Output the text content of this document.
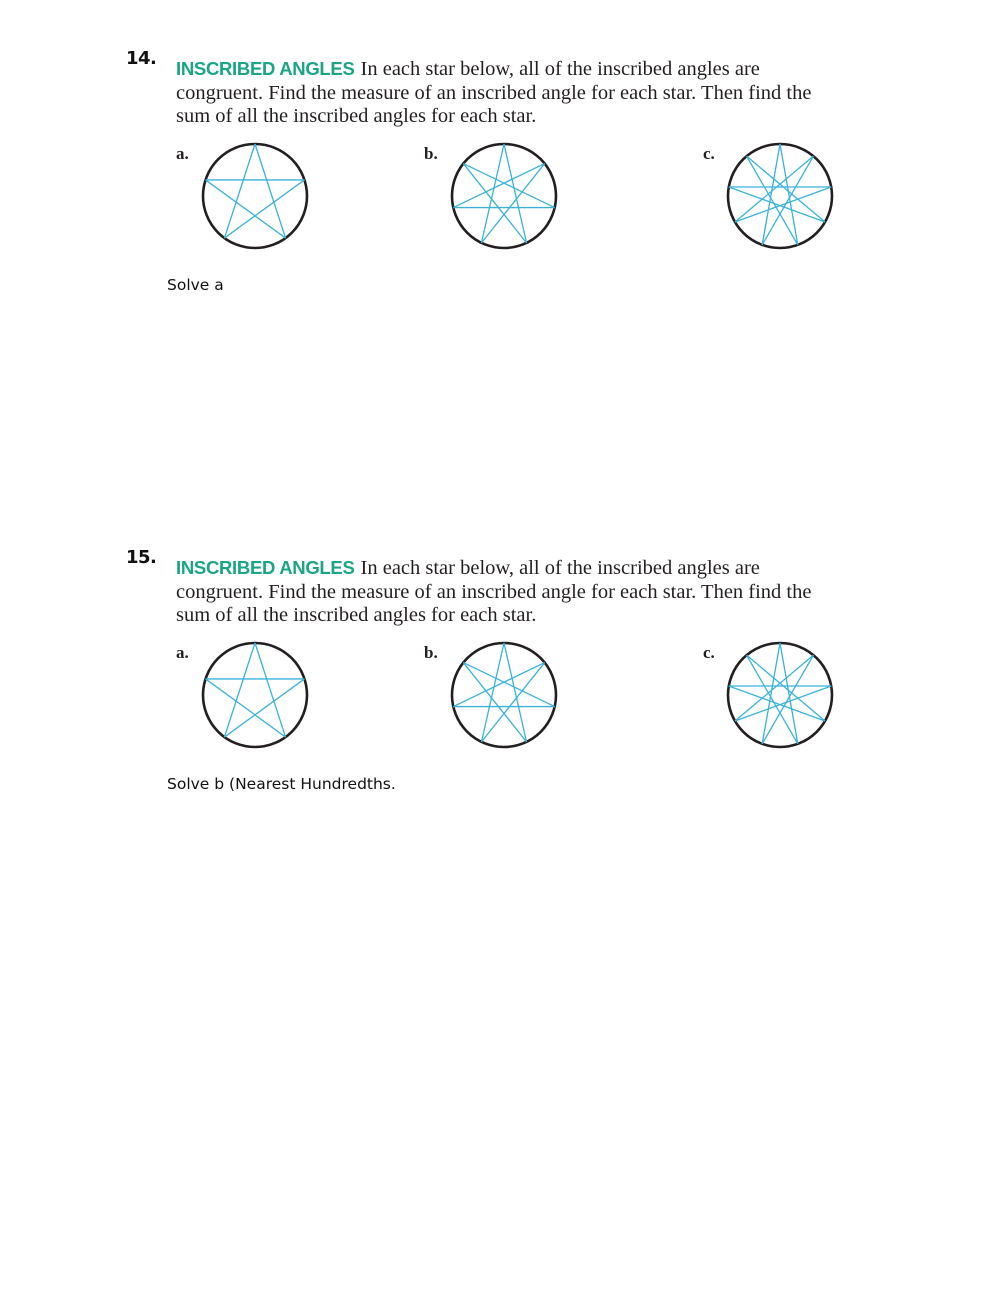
14. INSCRIBED ANGLES In each star below, all of the inscribed angles are congruent. Find the measure of an inscribed angle for each star. Then find the sum of all the inscribed angles for each star.
a.	b.	c.
Solve a
15. INSCRIBED ANGLES In each star below, all of the inscribed angles are congruent. Find the measure of an inscribed angle for each star. Then find the sum of all the inscribed angles for each star.
a.	b.	c.
Solve b (Nearest Hundredths.
